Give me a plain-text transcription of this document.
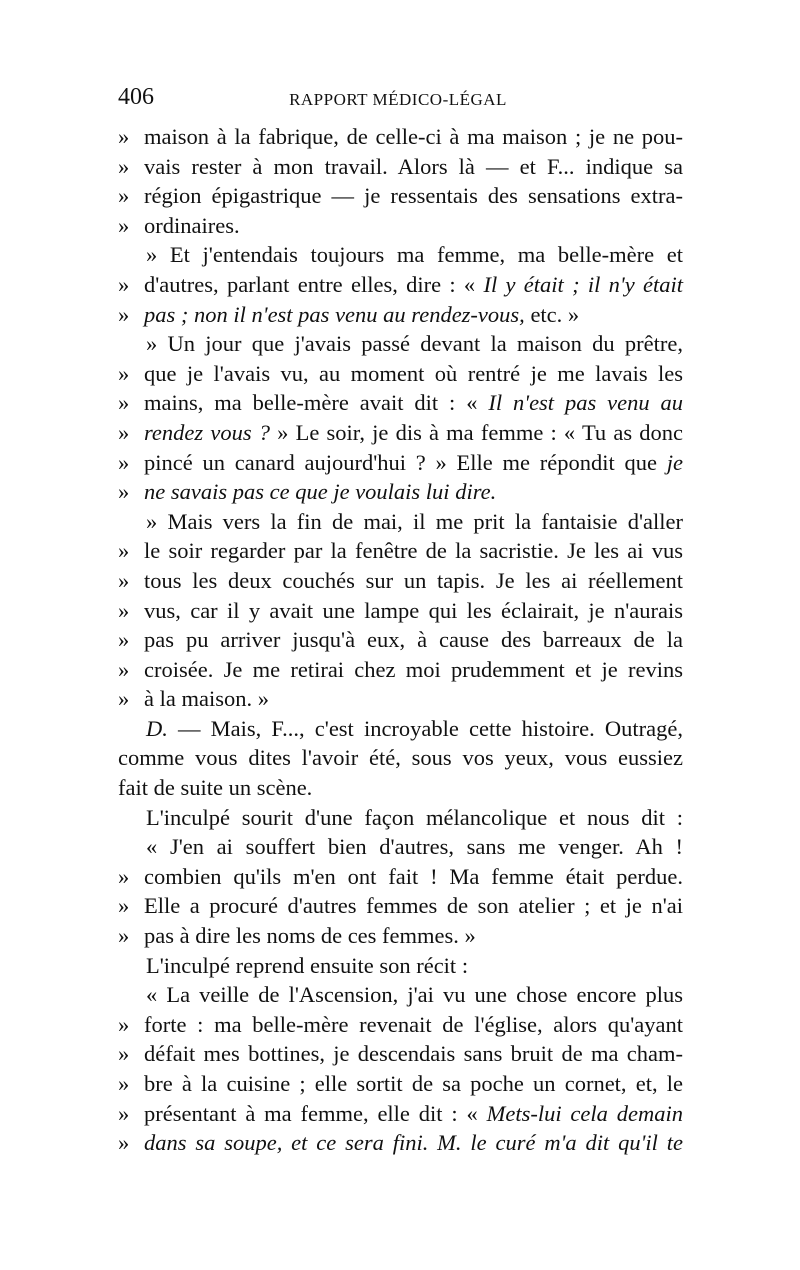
406	RAPPORT MÉDICO-LÉGAL
» maison à la fabrique, de celle-ci à ma maison ; je ne pou-
» vais rester à mon travail. Alors là — et F... indique sa
» région épigastrique — je ressentais des sensations extra-
» ordinaires.
» Et j'entendais toujours ma femme, ma belle-mère et
» d'autres, parlant entre elles, dire : « Il y était ; il n'y était
» pas ; non il n'est pas venu au rendez-vous, etc. »
» Un jour que j'avais passé devant la maison du prêtre,
» que je l'avais vu, au moment où rentré je me lavais les
» mains, ma belle-mère avait dit : « Il n'est pas venu au
» rendez vous ? » Le soir, je dis à ma femme : « Tu as donc
» pincé un canard aujourd'hui ? » Elle me répondit que je
» ne savais pas ce que je voulais lui dire.
» Mais vers la fin de mai, il me prit la fantaisie d'aller
» le soir regarder par la fenêtre de la sacristie. Je les ai vus
» tous les deux couchés sur un tapis. Je les ai réellement
» vus, car il y avait une lampe qui les éclairait, je n'aurais
» pas pu arriver jusqu'à eux, à cause des barreaux de la
» croisée. Je me retirai chez moi prudemment et je revins
» à la maison. »
D. — Mais, F..., c'est incroyable cette histoire. Outragé,
comme vous dites l'avoir été, sous vos yeux, vous eussiez
fait de suite un scène.
L'inculpé sourit d'une façon mélancolique et nous dit :
« J'en ai souffert bien d'autres, sans me venger. Ah !
» combien qu'ils m'en ont fait ! Ma femme était perdue.
» Elle a procuré d'autres femmes de son atelier ; et je n'ai
» pas à dire les noms de ces femmes. »
L'inculpé reprend ensuite son récit :
« La veille de l'Ascension, j'ai vu une chose encore plus
» forte : ma belle-mère revenait de l'église, alors qu'ayant
» défait mes bottines, je descendais sans bruit de ma cham-
» bre à la cuisine ; elle sortit de sa poche un cornet, et, le
» présentant à ma femme, elle dit : « Mets-lui cela demain
» dans sa soupe, et ce sera fini. M. le curé m'a dit qu'il te
